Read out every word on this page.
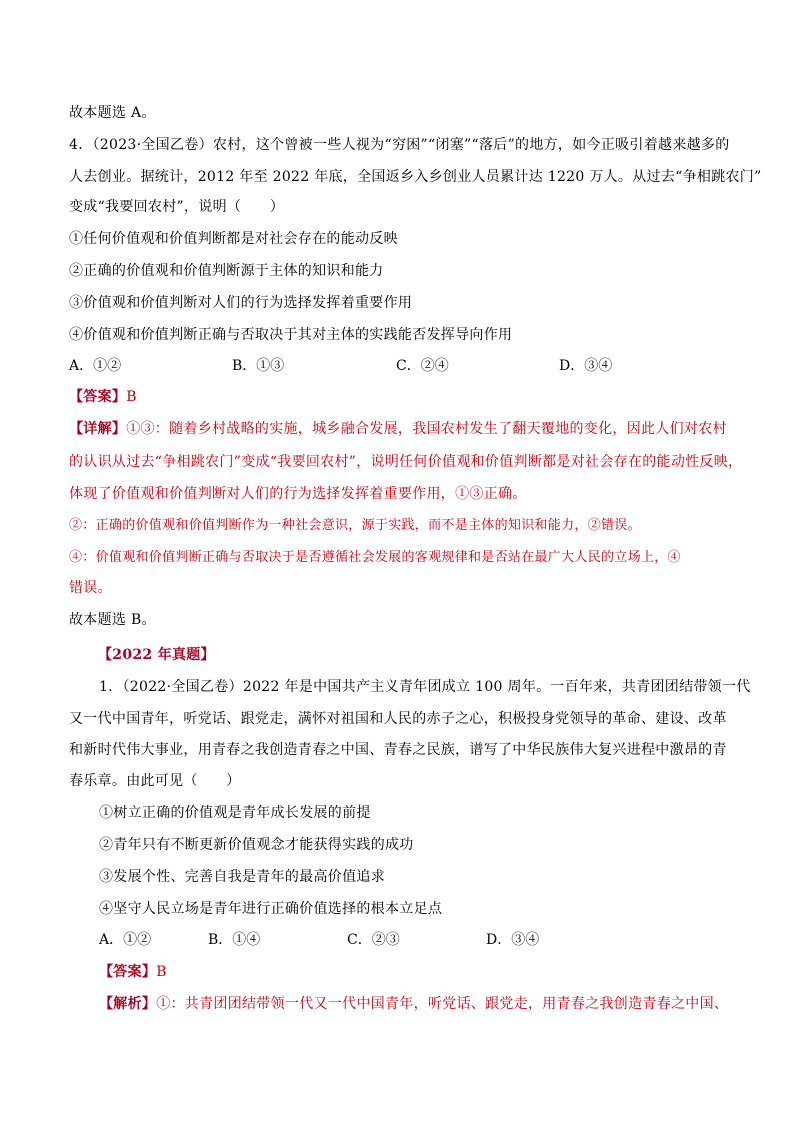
故本题选 A。
4．（2023·全国乙卷）农村，这个曾被一些人视为“穷困”“闭塞”“落后”的地方，如今正吸引着越来越多的
人去创业。据统计，2012 年至 2022 年底，全国返乡入乡创业人员累计达 1220 万人。从过去“争相跳农门”
变成“我要回农村”，说明（　　）
①任何价值观和价值判断都是对社会存在的能动反映
②正确的价值观和价值判断源于主体的知识和能力
③价值观和价值判断对人们的行为选择发挥着重要作用
④价值观和价值判断正确与否取决于其对主体的实践能否发挥导向作用
A．①②	B．①③	C．②④	D．③④
【答案】B
【详解】①③：随着乡村战略的实施，城乡融合发展，我国农村发生了翻天覆地的变化，因此人们对农村
的认识从过去“争相跳农门”变成“我要回农村”，说明任何价值观和价值判断都是对社会存在的能动性反映，
体现了价值观和价值判断对人们的行为选择发挥着重要作用，①③正确。
②：正确的价值观和价值判断作为一种社会意识，源于实践，而不是主体的知识和能力，②错误。
④：价值观和价值判断正确与否取决于是否遵循社会发展的客观规律和是否站在最广大人民的立场上，④
错误。
故本题选 B。
【2022 年真题】
1．（2022·全国乙卷）2022 年是中国共产主义青年团成立 100 周年。一百年来，共青团团结带领一代
又一代中国青年，听党话、跟党走，满怀对祖国和人民的赤子之心，积极投身党领导的革命、建设、改革
和新时代伟大事业，用青春之我创造青春之中国、青春之民族，谱写了中华民族伟大复兴进程中激昂的青
春乐章。由此可见（　　）
①树立正确的价值观是青年成长发展的前提
②青年只有不断更新价值观念才能获得实践的成功
③发展个性、完善自我是青年的最高价值追求
④坚守人民立场是青年进行正确价值选择的根本立足点
A．①②	B．①④	C．②③	D．③④
【答案】B
【解析】①：共青团团结带领一代又一代中国青年，听党话、跟党走，用青春之我创造青春之中国、
